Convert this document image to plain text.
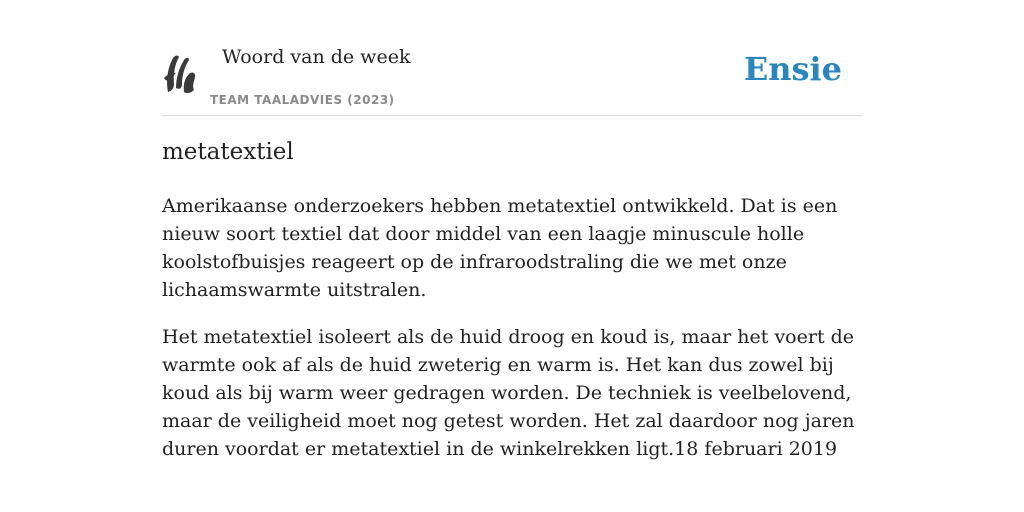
Woord van de week
TEAM TAALADVIES (2023)
Ensie
metatextiel

Amerikaanse onderzoekers hebben metatextiel ontwikkeld. Dat is een nieuw soort textiel dat door middel van een laagje minuscule holle koolstofbuisjes reageert op de infraroodstraling die we met onze lichaamswarmte uitstralen.

Het metatextiel isoleert als de huid droog en koud is, maar het voert de warmte ook af als de huid zweterig en warm is. Het kan dus zowel bij koud als bij warm weer gedragen worden. De techniek is veelbelovend, maar de veiligheid moet nog getest worden. Het zal daardoor nog jaren duren voordat er metatextiel in de winkelrekken ligt.18 februari 2019
